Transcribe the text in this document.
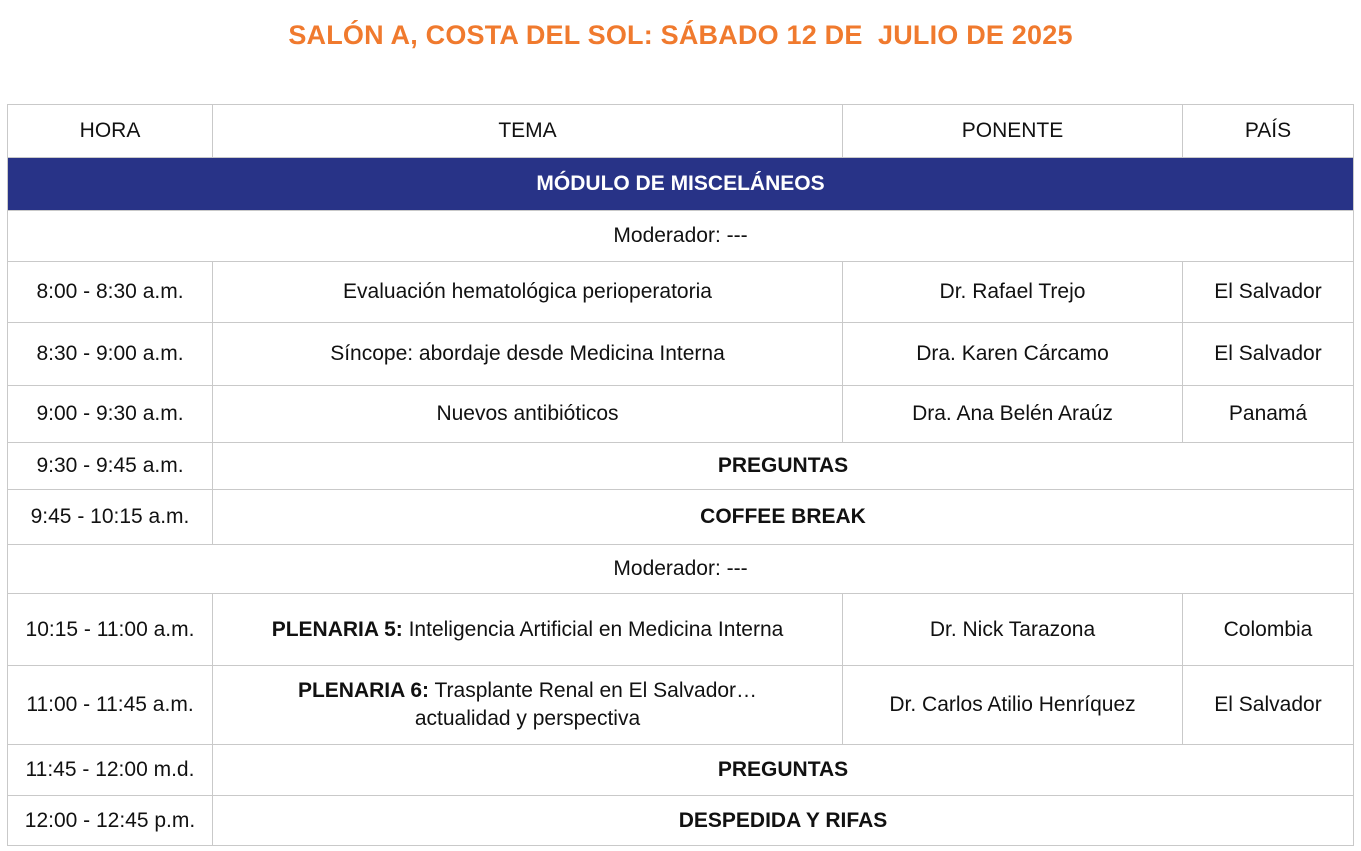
SALÓN A, COSTA DEL SOL: SÁBADO 12 DE  JULIO DE 2025
HORA	TEMA	PONENTE	PAÍS
MÓDULO DE MISCELÁNEOS			
Moderador: ---			
8:00 - 8:30 a.m.	Evaluación hematológica perioperatoria	Dr. Rafael Trejo	El Salvador
8:30 - 9:00 a.m.	Síncope: abordaje desde Medicina Interna	Dra. Karen Cárcamo	El Salvador
9:00 - 9:30 a.m.	Nuevos antibióticos	Dra. Ana Belén Araúz	Panamá
9:30 - 9:45 a.m.	PREGUNTAS		
9:45 - 10:15 a.m.	COFFEE BREAK		
Moderador: ---			
10:15 - 11:00 a.m.	PLENARIA 5: Inteligencia Artificial en Medicina Interna	Dr. Nick Tarazona	Colombia
11:00 - 11:45 a.m.	PLENARIA 6: Trasplante Renal en El Salvador… actualidad y perspectiva	Dr. Carlos Atilio Henríquez	El Salvador
11:45 - 12:00 m.d.	PREGUNTAS		
12:00 - 12:45 p.m.	DESPEDIDA Y RIFAS		
